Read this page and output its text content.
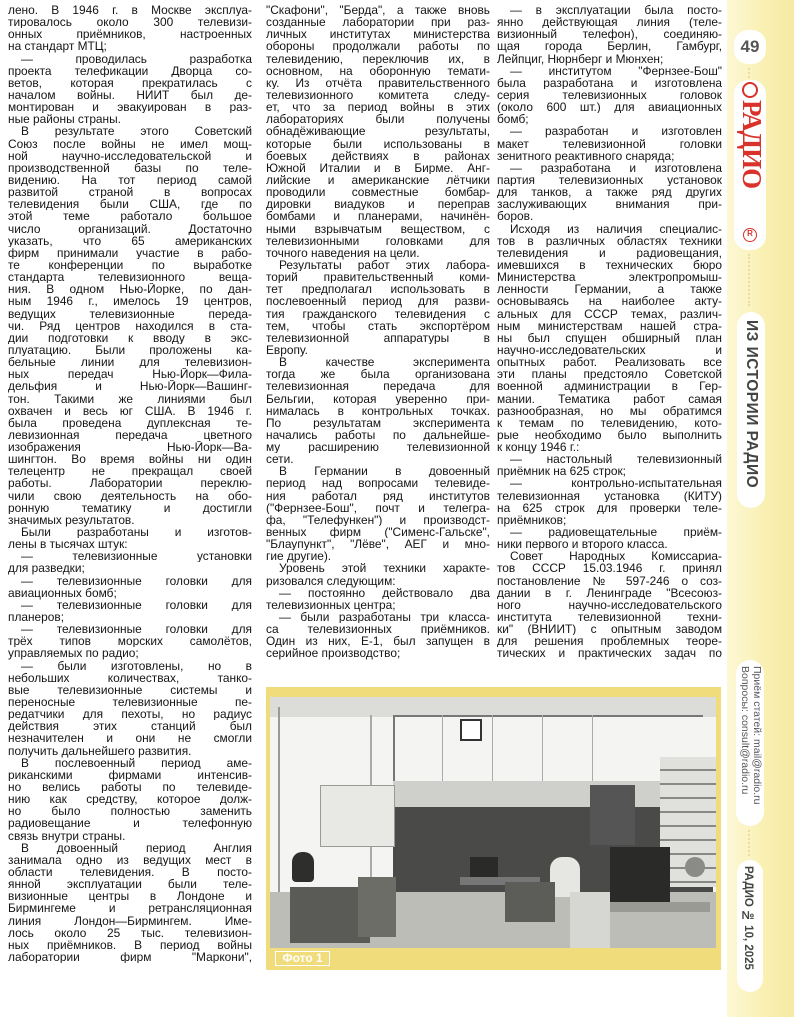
лено. В 1946 г. в Москве эксплуа-
тировалось около 300 телевизи-
онных приёмников, настроенных
на стандарт МТЦ;
— проводилась разработка
проекта телефикации Дворца со-
ветов, которая прекратилась с
началом войны. НИИТ был де-
монтирован и эвакуирован в раз-
ные районы страны.
В результате этого Советский
Союз после войны не имел мощ-
ной научно-исследовательской и
производственной базы по теле-
видению. На тот период самой
развитой страной в вопросах
телевидения были США, где по
этой теме работало большое
число организаций. Достаточно
указать, что 65 американских
фирм принимали участие в рабо-
те конференции по выработке
стандарта телевизионного веща-
ния. В одном Нью-Йорке, по дан-
ным 1946 г., имелось 19 центров,
ведущих телевизионные переда-
чи. Ряд центров находился в ста-
дии подготовки к вводу в экс-
плуатацию. Были проложены ка-
бельные линии для телевизион-
ных передач Нью-Йорк—Фила-
дельфия и Нью-Йорк—Вашинг-
тон. Такими же линиями был
охвачен и весь юг США. В 1946 г.
была проведена дуплексная те-
левизионная передача цветного
изображения Нью-Йорк—Ва-
шингтон. Во время войны ни один
телецентр не прекращал своей
работы. Лаборатории переклю-
чили свою деятельность на обо-
ронную тематику и достигли
значимых результатов.
Были разработаны и изготов-
лены в тысячах штук:
— телевизионные установки
для разведки;
— телевизионные головки для
авиационных бомб;
— телевизионные головки для
планеров;
— телевизионные головки для
трёх типов морских самолётов,
управляемых по радио;
— были изготовлены, но в
небольших количествах, танко-
вые телевизионные системы и
переносные телевизионные пе-
редатчики для пехоты, но радиус
действия этих станций был
незначителен и они не смогли
получить дальнейшего развития.
В послевоенный период аме-
риканскими фирмами интенсив-
но велись работы по телевиде-
нию как средству, которое долж-
но было полностью заменить
радиовещание и телефонную
связь внутри страны.
В довоенный период Англия
занимала одно из ведущих мест в
области телевидения. В посто-
янной эксплуатации были теле-
визионные центры в Лондоне и
Бирмингеме и ретрансляционная
линия Лондон—Бирмингем. Име-
лось около 25 тыс. телевизион-
ных приёмников. В период войны
лаборатории фирм "Маркони",
"Скафони", "Берда", а также вновь
созданные лаборатории при раз-
личных институтах министерства
обороны продолжали работы по
телевидению, переключив их, в
основном, на оборонную темати-
ку. Из отчёта правительственного
телевизионного комитета следу-
ет, что за период войны в этих
лабораториях были получены
обнадёживающие результаты,
которые были использованы в
боевых действиях в районах
Южной Италии и в Бирме. Анг-
лийские и американские лётчики
проводили совместные бомбар-
дировки виадуков и переправ
бомбами и планерами, начинён-
ными взрывчатым веществом, с
телевизионными головками для
точного наведения на цели.
Результаты работ этих лабора-
торий правительственный коми-
тет предполагал использовать в
послевоенный период для разви-
тия гражданского телевидения с
тем, чтобы стать экспортёром
телевизионной аппаратуры в
Европу.
В качестве эксперимента
тогда же была организована
телевизионная передача для
Бельгии, которая уверенно при-
нималась в контрольных точках.
По результатам эксперимента
начались работы по дальнейше-
му расширению телевизионной
сети.
В Германии в довоенный
период над вопросами телевиде-
ния работал ряд институтов
("Фернзее-Бош", почт и телегра-
фа, "Телефункен") и производст-
венных фирм ("Сименс-Гальске",
"Блаупункт", "Лёве", АЕГ и мно-
гие другие).
Уровень этой техники характе-
ризовался следующим:
— постоянно действовало два
телевизионных центра;
— были разработаны три класса-
са телевизионных приёмников.
Один из них, Е-1, был запущен в
серийное производство;
— в эксплуатации была посто-
янно действующая линия (теле-
визионный телефон), соединяю-
щая города Берлин, Гамбург,
Лейпциг, Нюрнберг и Мюнхен;
— институтом "Фернзее-Бош"
была разработана и изготовлена
серия телевизионных головок
(около 600 шт.) для авиационных
бомб;
— разработан и изготовлен
макет телевизионной головки
зенитного реактивного снаряда;
— разработана и изготовлена
партия телевизионных установок
для танков, а также ряд других
заслуживающих внимания при-
боров.
Исходя из наличия специалис-
тов в различных областях техники
телевидения и радиовещания,
имевшихся в технических бюро
Министерства электропромыш-
ленности Германии, а также
основываясь на наиболее акту-
альных для СССР темах, различ-
ным министерствам нашей стра-
ны был спущен обширный план
научно-исследовательских и
опытных работ. Реализовать все
эти планы предстояло Советской
военной администрации в Гер-
мании. Тематика работ самая
разнообразная, но мы обратимся
к темам по телевидению, кото-
рые необходимо было выполнить
к концу 1946 г.:
— настольный телевизионный
приёмник на 625 строк;
— контрольно-испытательная
телевизионная установка (КИТУ)
на 625 строк для проверки теле-
приёмников;
— радиовещательные приём-
ники первого и второго класса.
Совет Народных Комиссариа-
тов СССР 15.03.1946 г. принял
постановление № 597-246 о соз-
дании в г. Ленинграде "Всесоюз-
ного научно-исследовательского
института телевизионной техни-
ки" (ВНИИТ) с опытным заводом
для решения проблемных теоре-
тических и практических задач по
Фото 1
49
РАДИО
R
ИЗ ИСТОРИИ РАДИО
Приём статей: mail@radio.ru
Вопросы: consult@radio.ru
РАДИО № 10, 2025
